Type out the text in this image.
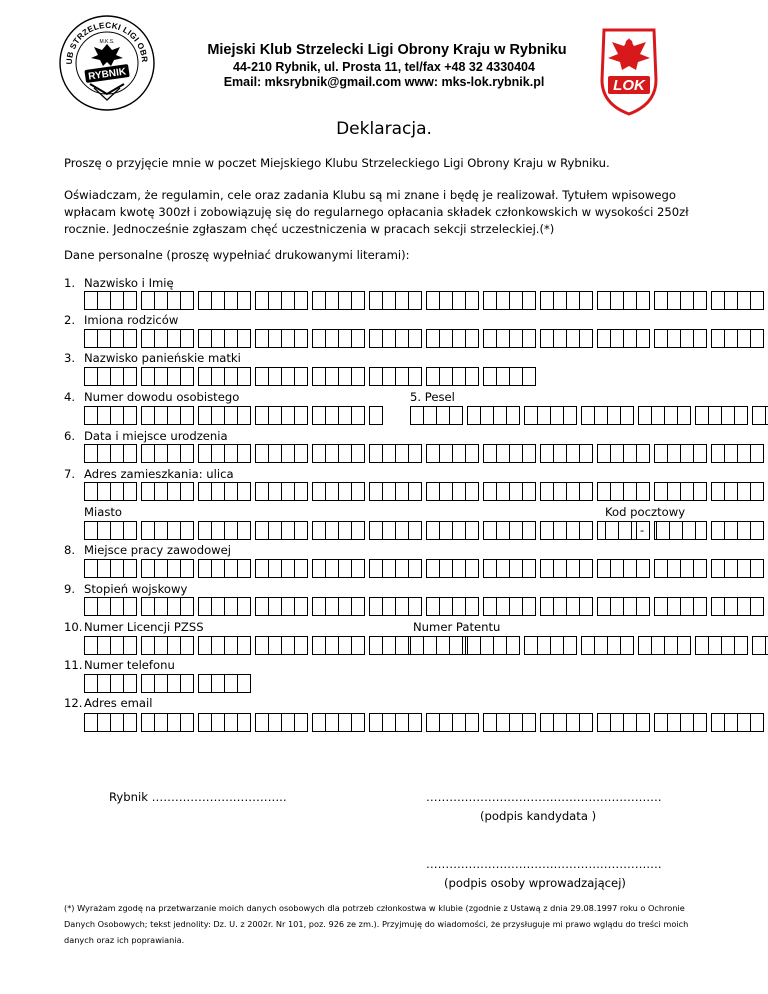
UB STRZELECKI LIGI OBR
M.K.S.
RYBNIK
Miejski Klub Strzelecki Ligi Obrony Kraju w Rybniku
44-210 Rybnik, ul. Prosta 11, tel/fax +48 32 4330404
Email: mksrybnik@gmail.com www: mks-lok.rybnik.pl	LOK
Deklaracja.
Proszę o przyjęcie mnie w poczet Miejskiego Klubu Strzeleckiego Ligi Obrony Kraju w Rybniku.
Oświadczam, że regulamin, cele oraz zadania Klubu są mi znane i będę je realizował. Tytułem wpisowego
wpłacam kwotę 300zł i zobowiązuję się do regularnego opłacania składek członkowskich w wysokości 250zł
rocznie. Jednocześnie zgłaszam chęć uczestniczenia w pracach sekcji strzeleckiej.(*)
Dane personalne (proszę wypełniać drukowanymi literami):
1. Nazwisko i Imię
2. Imiona rodziców
3. Nazwisko panieńskie matki
4. Numer dowodu osobistego	5. Pesel
6. Data i miejsce urodzenia
7. Adres zamieszkania: ulica
Miasto	Kod pocztowy
8. Miejsce pracy zawodowej
9. Stopień wojskowy
10. Numer Licencji PZSS	Numer Patentu
11. Numer telefonu
12. Adres email
-
Rybnik ……………………………..	…………………………………………………….
(podpis kandydata )
…………………………………………………….
(podpis osoby wprowadzającej)
(*) Wyrażam zgodę na przetwarzanie moich danych osobowych dla potrzeb członkostwa w klubie (zgodnie z Ustawą z dnia 29.08.1997 roku o Ochronie Danych Osobowych; tekst jednolity: Dz. U. z 2002r. Nr 101, poz. 926 ze zm.). Przyjmuję do wiadomości, że przysługuje mi prawo wglądu do treści moich danych oraz ich poprawiania.
